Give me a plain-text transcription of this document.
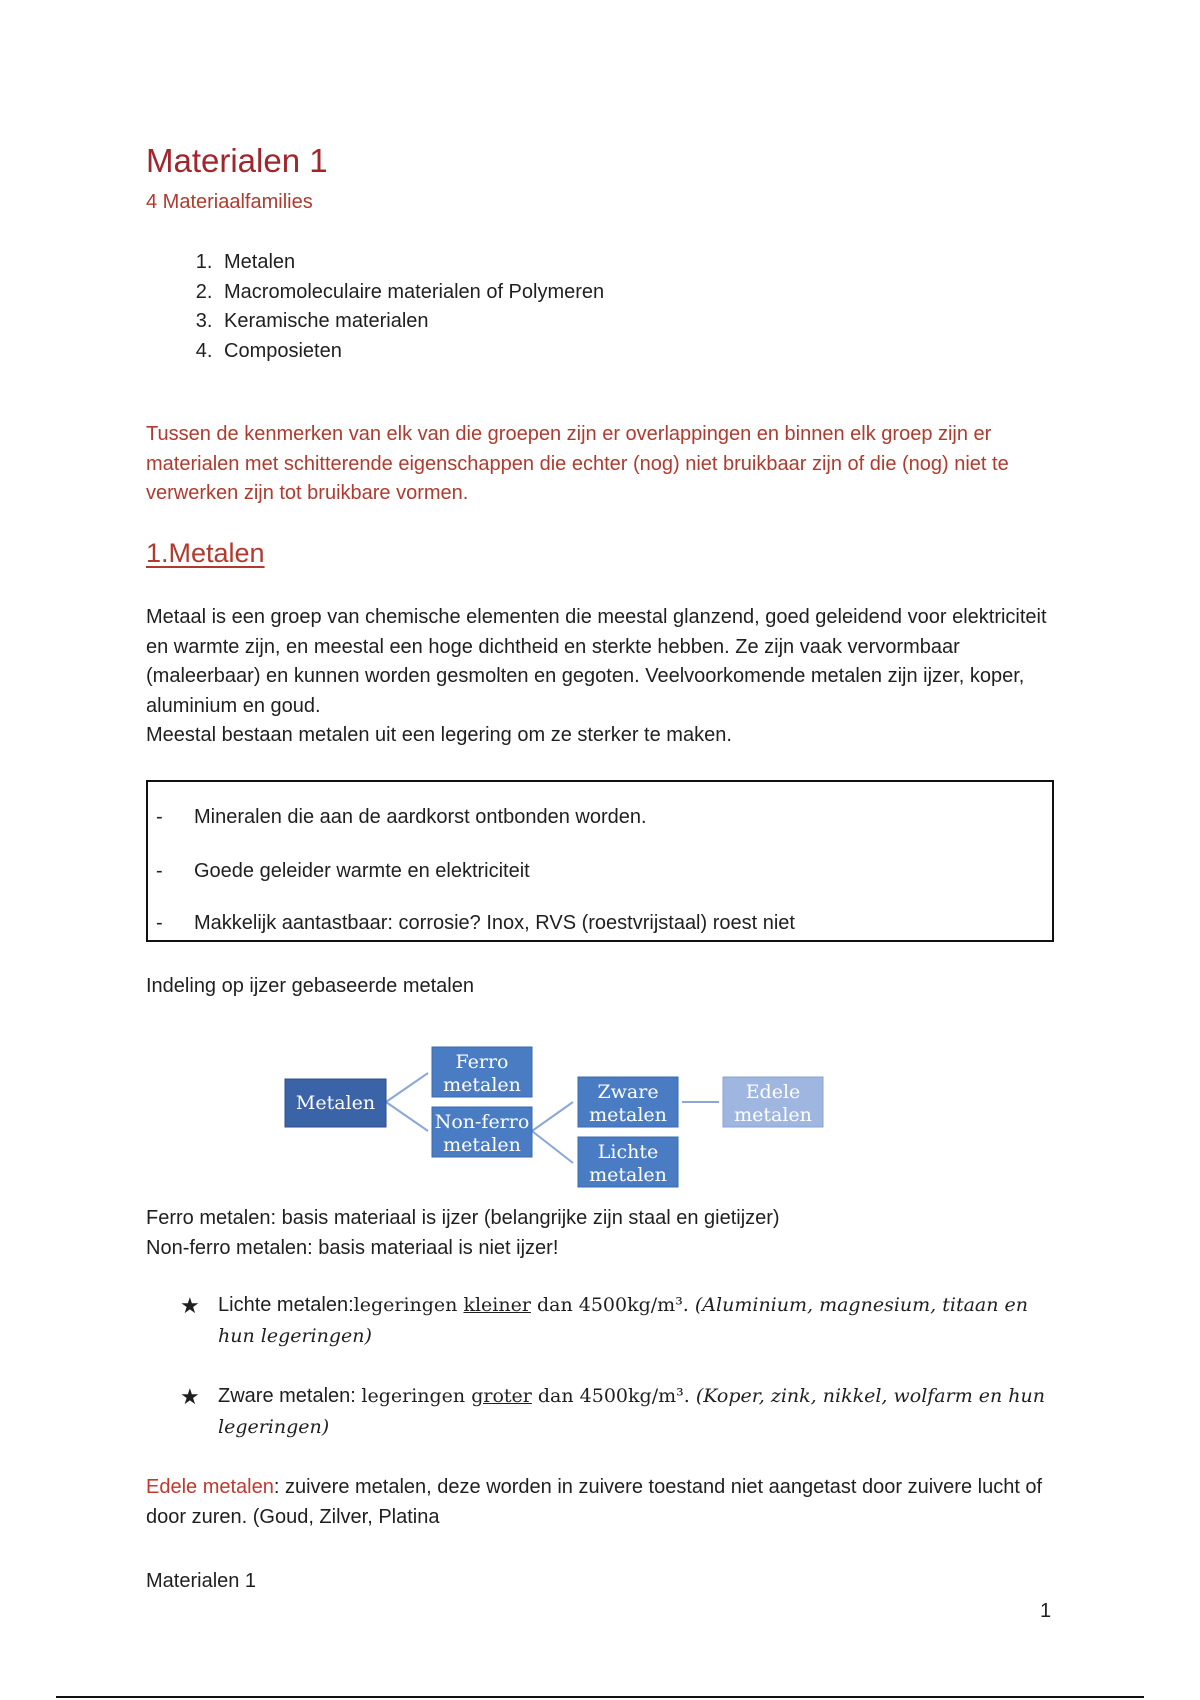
Materialen 1
4 Materiaalfamilies
1. Metalen
2. Macromoleculaire materialen of Polymeren
3. Keramische materialen
4. Composieten

Tussen de kenmerken van elk van die groepen zijn er overlappingen en binnen elk groep zijn er materialen met schitterende eigenschappen die echter (nog) niet bruikbaar zijn of die (nog) niet te verwerken zijn tot bruikbare vormen.

1.Metalen
Metaal is een groep van chemische elementen die meestal glanzend, goed geleidend voor elektriciteit en warmte zijn, en meestal een hoge dichtheid en sterkte hebben. Ze zijn vaak vervormbaar (maleerbaar) en kunnen worden gesmolten en gegoten. Veelvoorkomende metalen zijn ijzer, koper, aluminium en goud.
Meestal bestaan metalen uit een legering om ze sterker te maken.
- Mineralen die aan de aardkorst ontbonden worden.
- Goede geleider warmte en elektriciteit
- Makkelijk aantastbaar: corrosie? Inox, RVS (roestvrijstaal) roest niet
Indeling op ijzer gebaseerde metalen
Metalen
Ferro
metalen
Non-ferro
metalen
Zware
metalen
Lichte
metalen
Edele
metalen
Ferro metalen: basis materiaal is ijzer (belangrijke zijn staal en gietijzer)
Non-ferro metalen: basis materiaal is niet ijzer!
★ Lichte metalen:legeringen kleiner dan 4500kg/m³. (Aluminium, magnesium, titaan en hun legeringen)
★ Zware metalen: legeringen groter dan 4500kg/m³. (Koper, zink, nikkel, wolfarm en hun legeringen)

Edele metalen: zuivere metalen, deze worden in zuivere toestand niet aangetast door zuivere lucht of door zuren. (Goud, Zilver, Platina

Materialen 1
1
